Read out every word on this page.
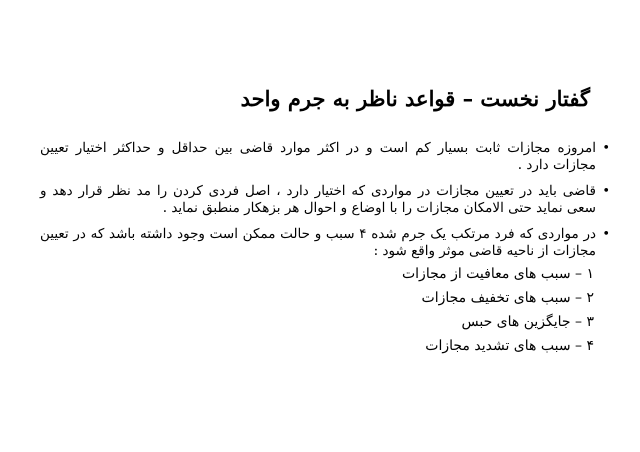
گفتار نخست – قواعد ناظر به جرم واحد
•
امروزه مجازات ثابت بسیار کم است و در اکثر موارد قاضی بین حداقل و حداکثر اختیار تعیین مجازات دارد .
•
قاضی باید در تعیین مجازات در مواردی که اختیار دارد ، اصل فردی کردن را مد نظر قرار دهد و سعی نماید حتی الامکان مجازات را با اوضاع و احوال هر بزهکار منطبق نماید .
•
در مواردی که فرد مرتکب یک جرم شده ۴ سبب و حالت ممکن است وجود داشته باشد که در تعیین مجازات از ناحیه قاضی موثر واقع شود :
۱ – سبب های معافیت از مجازات
۲ – سبب های تخفیف مجازات
۳ – جایگزین های حبس
۴ – سبب های تشدید مجازات
